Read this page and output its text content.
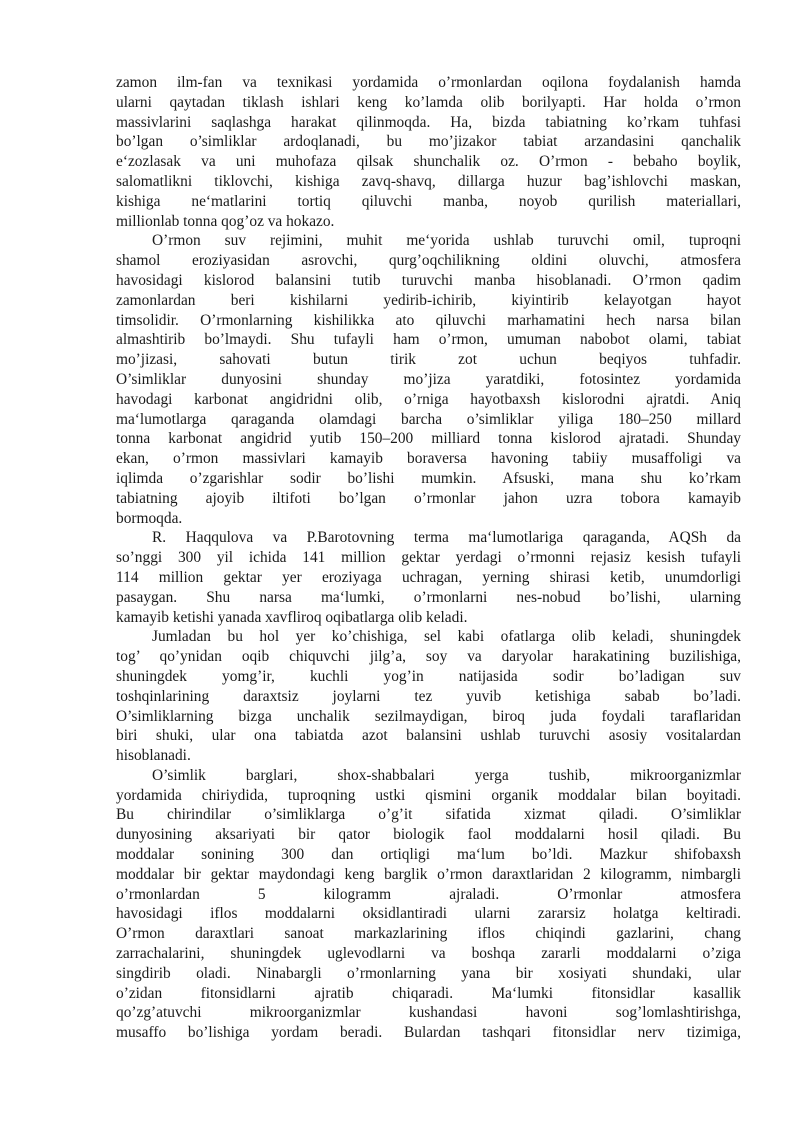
zamon ilm-fan va texnikasi yordamida o’rmonlardan oqilona foydalanish hamda
ularni qaytadan tiklash ishlari keng ko’lamda olib borilyapti. Har holda o’rmon
massivlarini saqlashga harakat qilinmoqda. Ha, bizda tabiatning ko’rkam tuhfasi
bo’lgan o’simliklar ardoqlanadi, bu mo’jizakor tabiat arzandasini qanchalik
e‘zozlasak va uni muhofaza qilsak shunchalik oz. O’rmon - bebaho boylik,
salomatlikni tiklovchi, kishiga zavq-shavq, dillarga huzur bag’ishlovchi maskan,
kishiga ne‘matlarini tortiq qiluvchi manba, noyob qurilish materiallari,
millionlab tonna qog’oz va hokazo.
O’rmon suv rejimini, muhit me‘yorida ushlab turuvchi omil, tuproqni
shamol eroziyasidan asrovchi, qurg’oqchilikning oldini oluvchi, atmosfera
havosidagi kislorod balansini tutib turuvchi manba hisoblanadi. O’rmon qadim
zamonlardan beri kishilarni yedirib-ichirib, kiyintirib kelayotgan hayot
timsolidir. O’rmonlarning kishilikka ato qiluvchi marhamatini hech narsa bilan
almashtirib bo’lmaydi. Shu tufayli ham o’rmon, umuman nabobot olami, tabiat
mo’jizasi, sahovati butun tirik zot uchun beqiyos tuhfadir.
O’simliklar dunyosini shunday mo’jiza yaratdiki, fotosintez yordamida
havodagi karbonat angidridni olib, o’rniga hayotbaxsh kislorodni ajratdi. Aniq
ma‘lumotlarga qaraganda olamdagi barcha o’simliklar yiliga 180–250 millard
tonna karbonat angidrid yutib 150–200 milliard tonna kislorod ajratadi. Shunday
ekan, o’rmon massivlari kamayib boraversa havoning tabiiy musaffoligi va
iqlimda o’zgarishlar sodir bo’lishi mumkin. Afsuski, mana shu ko’rkam
tabiatning ajoyib iltifoti bo’lgan o’rmonlar jahon uzra tobora kamayib
bormoqda.
R. Haqqulova va P.Barotovning terma ma‘lumotlariga qaraganda, AQSh da
so’nggi 300 yil ichida 141 million gektar yerdagi o’rmonni rejasiz kesish tufayli
114 million gektar yer eroziyaga uchragan, yerning shirasi ketib, unumdorligi
pasaygan. Shu narsa ma‘lumki, o’rmonlarni nes-nobud bo’lishi, ularning
kamayib ketishi yanada xavfliroq oqibatlarga olib keladi.
Jumladan bu hol yer ko’chishiga, sel kabi ofatlarga olib keladi, shuningdek
tog’ qo’ynidan oqib chiquvchi jilg’a, soy va daryolar harakatining buzilishiga,
shuningdek yomg’ir, kuchli yog’in natijasida sodir bo’ladigan suv
toshqinlarining daraxtsiz joylarni tez yuvib ketishiga sabab bo’ladi.
O’simliklarning bizga unchalik sezilmaydigan, biroq juda foydali taraflaridan
biri shuki, ular ona tabiatda azot balansini ushlab turuvchi asosiy vositalardan
hisoblanadi.
O’simlik barglari, shox-shabbalari yerga tushib, mikroorganizmlar
yordamida chiriydida, tuproqning ustki qismini organik moddalar bilan boyitadi.
Bu chirindilar o’simliklarga o’g’it sifatida xizmat qiladi. O’simliklar
dunyosining aksariyati bir qator biologik faol moddalarni hosil qiladi. Bu
moddalar sonining 300 dan ortiqligi ma‘lum bo’ldi. Mazkur shifobaxsh
moddalar bir gektar maydondagi keng barglik o’rmon daraxtlaridan 2 kilogramm, nimbargli
o’rmonlardan 5 kilogramm ajraladi. O’rmonlar atmosfera
havosidagi iflos moddalarni oksidlantiradi ularni zararsiz holatga keltiradi.
O’rmon daraxtlari sanoat markazlarining iflos chiqindi gazlarini, chang
zarrachalarini, shuningdek uglevodlarni va boshqa zararli moddalarni o’ziga
singdirib oladi. Ninabargli o’rmonlarning yana bir xosiyati shundaki, ular
o’zidan fitonsidlarni ajratib chiqaradi. Ma‘lumki fitonsidlar kasallik
qo’zg’atuvchi mikroorganizmlar kushandasi havoni sog’lomlashtirishga,
musaffo bo’lishiga yordam beradi. Bulardan tashqari fitonsidlar nerv tizimiga,
